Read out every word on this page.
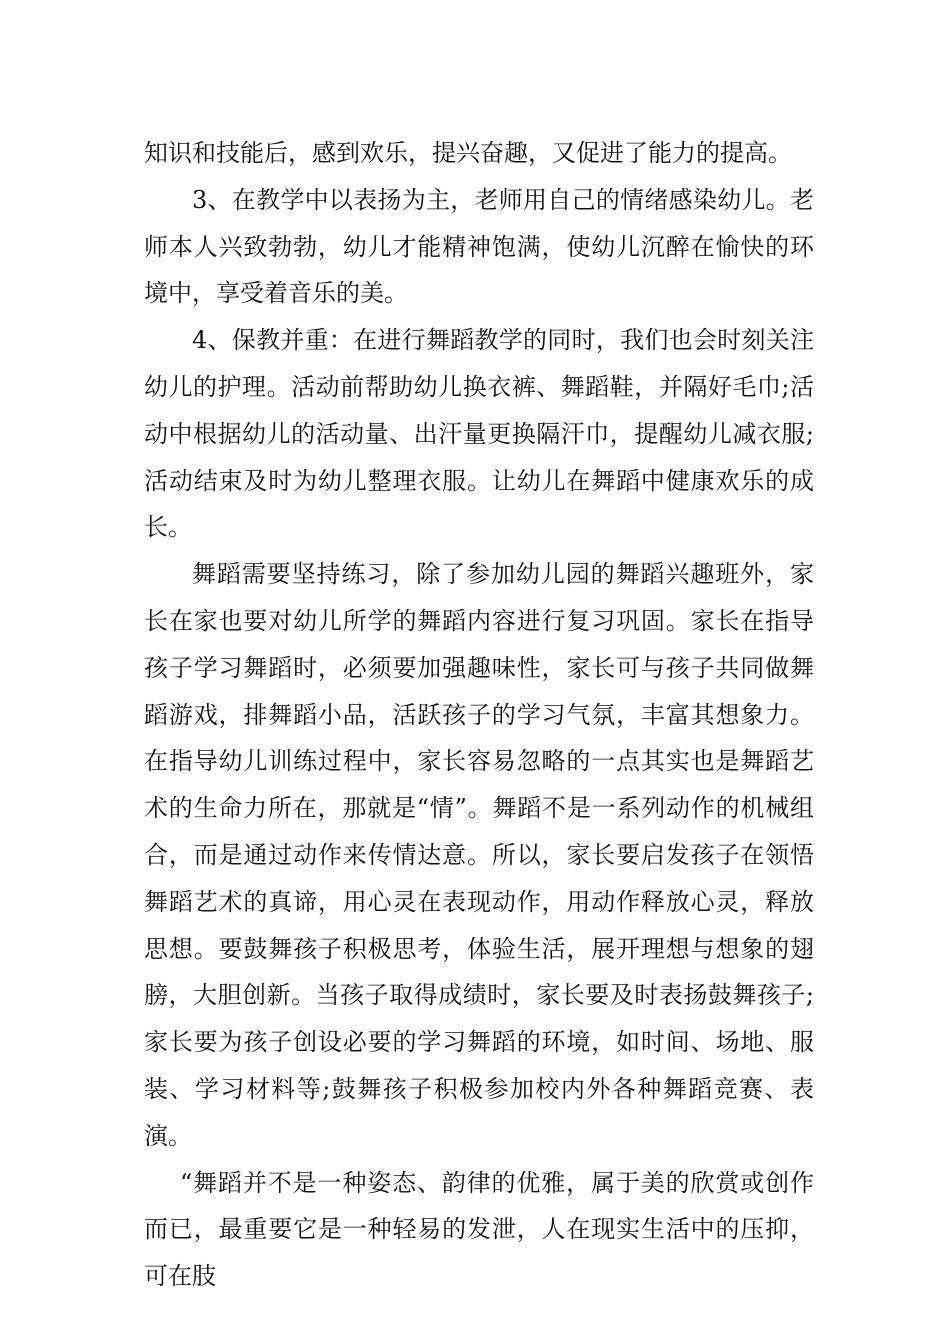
知识和技能后，感到欢乐，提兴奋趣，又促进了能力的提高。

3、在教学中以表扬为主，老师用自己的情绪感染幼儿。老师本人兴致勃勃，幼儿才能精神饱满，使幼儿沉醉在愉快的环境中，享受着音乐的美。

4、保教并重：在进行舞蹈教学的同时，我们也会时刻关注幼儿的护理。活动前帮助幼儿换衣裤、舞蹈鞋，并隔好毛巾;活动中根据幼儿的活动量、出汗量更换隔汗巾，提醒幼儿减衣服;活动结束及时为幼儿整理衣服。让幼儿在舞蹈中健康欢乐的成长。

舞蹈需要坚持练习，除了参加幼儿园的舞蹈兴趣班外，家长在家也要对幼儿所学的舞蹈内容进行复习巩固。家长在指导孩子学习舞蹈时，必须要加强趣味性，家长可与孩子共同做舞蹈游戏，排舞蹈小品，活跃孩子的学习气氛，丰富其想象力。在指导幼儿训练过程中，家长容易忽略的一点其实也是舞蹈艺术的生命力所在，那就是“情”。舞蹈不是一系列动作的机械组合，而是通过动作来传情达意。所以，家长要启发孩子在领悟舞蹈艺术的真谛，用心灵在表现动作，用动作释放心灵，释放思想。要鼓舞孩子积极思考，体验生活，展开理想与想象的翅膀，大胆创新。当孩子取得成绩时，家长要及时表扬鼓舞孩子;家长要为孩子创设必要的学习舞蹈的环境，如时间、场地、服装、学习材料等;鼓舞孩子积极参加校内外各种舞蹈竞赛、表演。

“舞蹈并不是一种姿态、韵律的优雅，属于美的欣赏或创作而已，最重要它是一种轻易的发泄，人在现实生活中的压抑，可在肢
